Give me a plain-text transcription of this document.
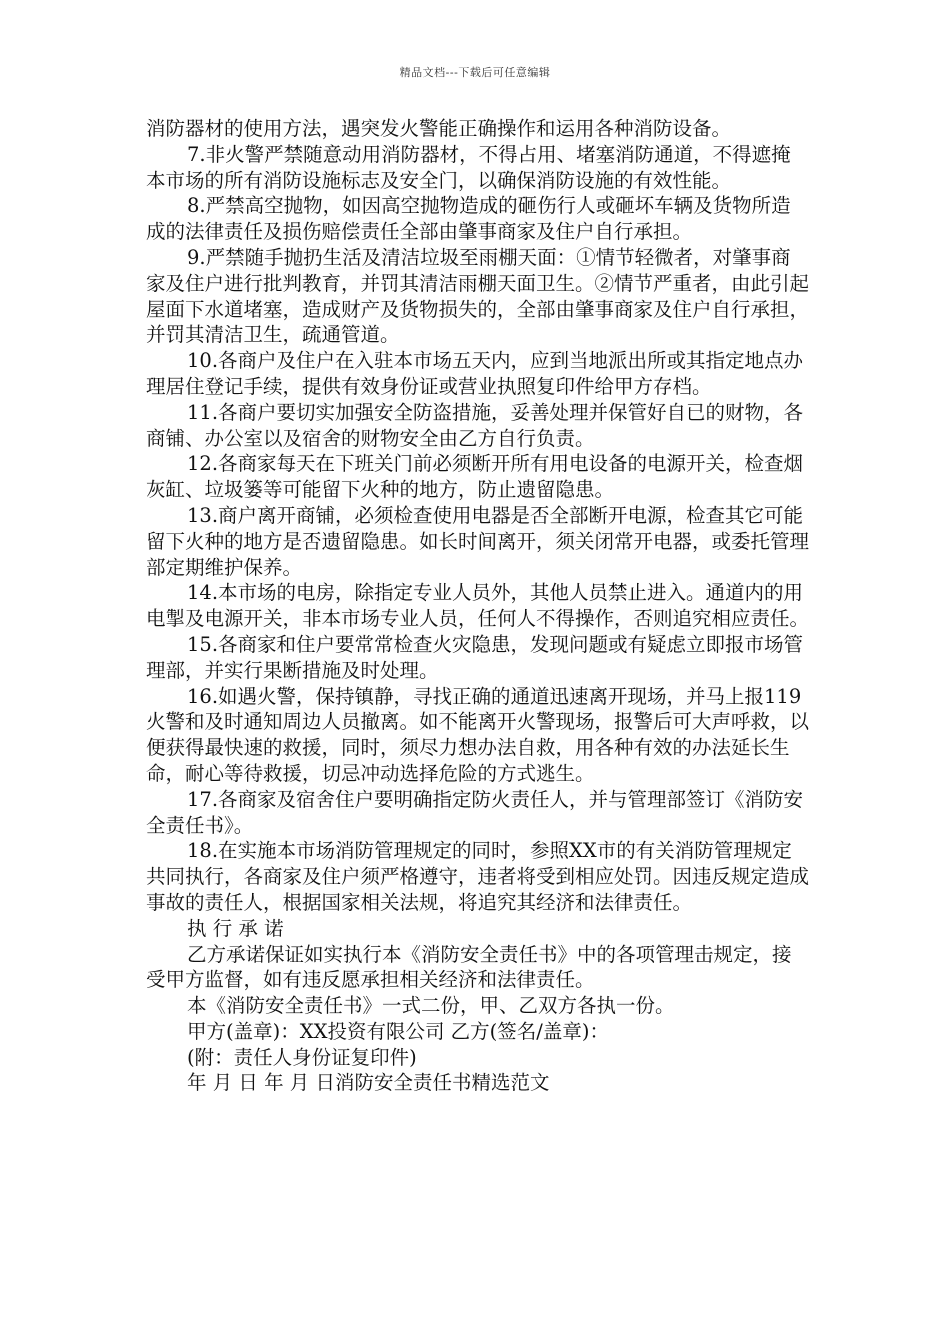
精品文档---下载后可任意编辑

消防器材的使用方法，遇突发火警能正确操作和运用各种消防设备。

7.非火警严禁随意动用消防器材，不得占用、堵塞消防通道，不得遮掩本市场的所有消防设施标志及安全门，以确保消防设施的有效性能。

8.严禁高空抛物，如因高空抛物造成的砸伤行人或砸坏车辆及货物所造成的法律责任及损伤赔偿责任全部由肇事商家及住户自行承担。

9.严禁随手抛扔生活及清洁垃圾至雨棚天面：①情节轻微者，对肇事商家及住户进行批判教育，并罚其清洁雨棚天面卫生。②情节严重者，由此引起屋面下水道堵塞，造成财产及货物损失的，全部由肇事商家及住户自行承担，并罚其清洁卫生，疏通管道。

10.各商户及住户在入驻本市场五天内，应到当地派出所或其指定地点办理居住登记手续，提供有效身份证或营业执照复印件给甲方存档。

11.各商户要切实加强安全防盗措施，妥善处理并保管好自已的财物，各商铺、办公室以及宿舍的财物安全由乙方自行负责。

12.各商家每天在下班关门前必须断开所有用电设备的电源开关，检查烟灰缸、垃圾篓等可能留下火种的地方，防止遗留隐患。

13.商户离开商铺，必须检查使用电器是否全部断开电源，检查其它可能留下火种的地方是否遗留隐患。如长时间离开，须关闭常开电器，或委托管理部定期维护保养。

14.本市场的电房，除指定专业人员外，其他人员禁止进入。通道内的用电掣及电源开关，非本市场专业人员，任何人不得操作，否则追究相应责任。

15.各商家和住户要常常检查火灾隐患，发现问题或有疑虑立即报市场管理部，并实行果断措施及时处理。

16.如遇火警，保持镇静，寻找正确的通道迅速离开现场，并马上报119火警和及时通知周边人员撤离。如不能离开火警现场，报警后可大声呼救，以便获得最快速的救援，同时，须尽力想办法自救，用各种有效的办法延长生命，耐心等待救援，切忌冲动选择危险的方式逃生。

17.各商家及宿舍住户要明确指定防火责任人，并与管理部签订《消防安全责任书》。

18.在实施本市场消防管理规定的同时，参照XX市的有关消防管理规定共同执行，各商家及住户须严格遵守，违者将受到相应处罚。因违反规定造成事故的责任人，根据国家相关法规，将追究其经济和法律责任。

执 行 承 诺

乙方承诺保证如实执行本《消防安全责任书》中的各项管理击规定，接受甲方监督，如有违反愿承担相关经济和法律责任。

本《消防安全责任书》一式二份，甲、乙双方各执一份。

甲方(盖章)：XX投资有限公司 乙方(签名/盖章)：

(附：责任人身份证复印件)

年 月 日 年 月 日消防安全责任书精选范文
